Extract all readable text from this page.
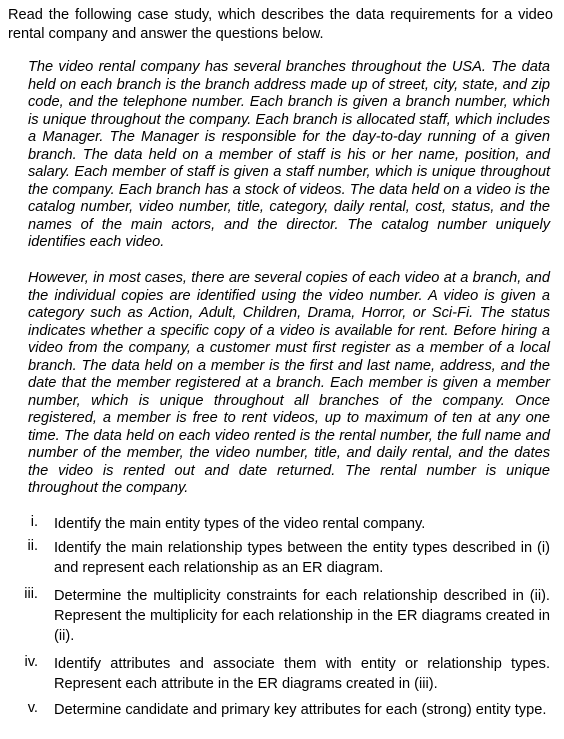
Read the following case study, which describes the data requirements for a video rental company and answer the questions below.

The video rental company has several branches throughout the USA. The data held on each branch is the branch address made up of street, city, state, and zip code, and the telephone number. Each branch is given a branch number, which is unique throughout the company. Each branch is allocated staff, which includes a Manager. The Manager is responsible for the day-to-day running of a given branch. The data held on a member of staff is his or her name, position, and salary. Each member of staff is given a staff number, which is unique throughout the company. Each branch has a stock of videos. The data held on a video is the catalog number, video number, title, category, daily rental, cost, status, and the names of the main actors, and the director. The catalog number uniquely identifies each video.

However, in most cases, there are several copies of each video at a branch, and the individual copies are identified using the video number. A video is given a category such as Action, Adult, Children, Drama, Horror, or Sci-Fi. The status indicates whether a specific copy of a video is available for rent. Before hiring a video from the company, a customer must first register as a member of a local branch. The data held on a member is the first and last name, address, and the date that the member registered at a branch. Each member is given a member number, which is unique throughout all branches of the company. Once registered, a member is free to rent videos, up to maximum of ten at any one time. The data held on each video rented is the rental number, the full name and number of the member, the video number, title, and daily rental, and the dates the video is rented out and date returned. The rental number is unique throughout the company.

i. Identify the main entity types of the video rental company.
ii. Identify the main relationship types between the entity types described in (i) and represent each relationship as an ER diagram.
iii. Determine the multiplicity constraints for each relationship described in (ii). Represent the multiplicity for each relationship in the ER diagrams created in (ii).
iv. Identify attributes and associate them with entity or relationship types. Represent each attribute in the ER diagrams created in (iii).
v. Determine candidate and primary key attributes for each (strong) entity type.
